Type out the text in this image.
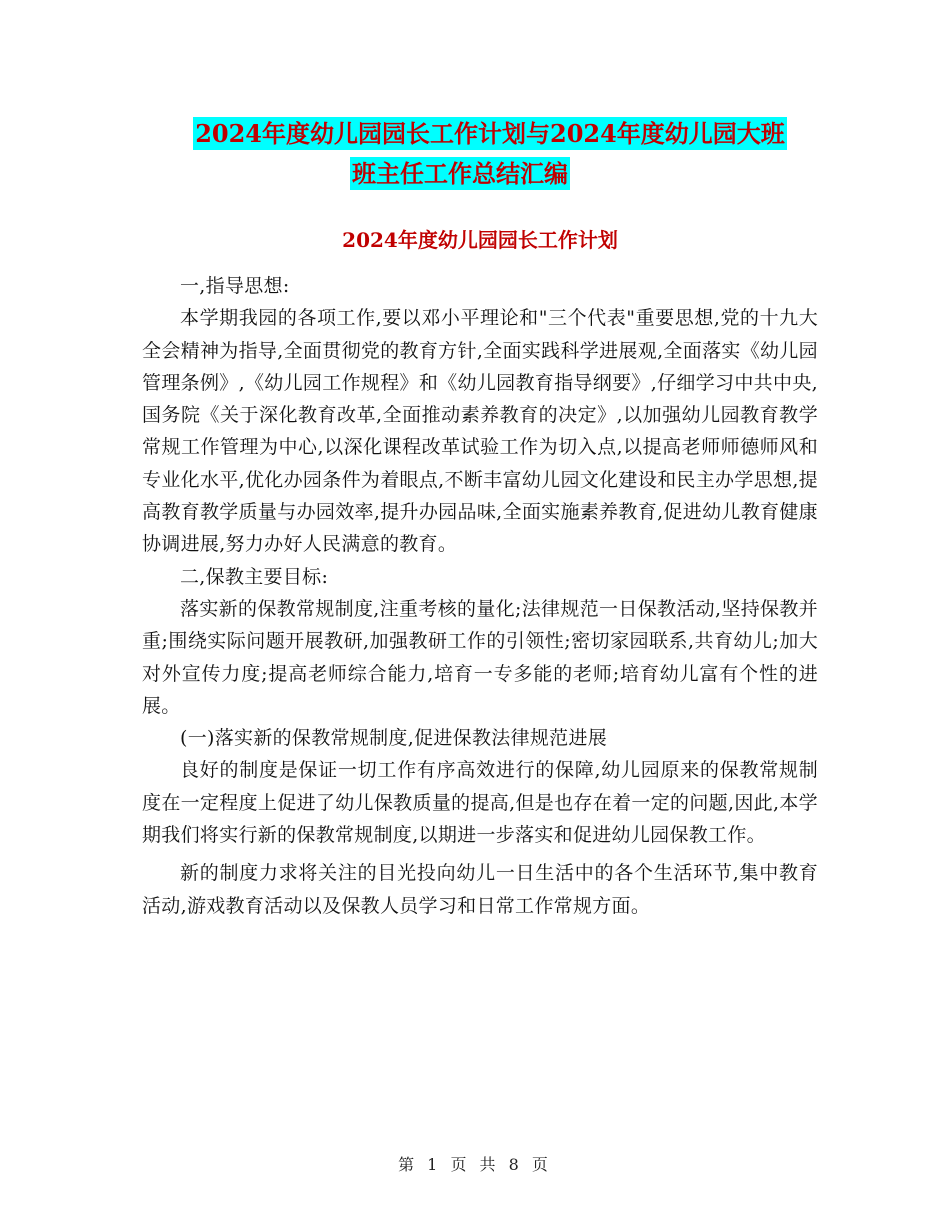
2024年度幼儿园园长工作计划与2024年度幼儿园大班
班主任工作总结汇编
2024年度幼儿园园长工作计划

一,指导思想:

本学期我园的各项工作,要以邓小平理论和"三个代表"重要思想,党的十九大全会精神为指导,全面贯彻党的教育方针,全面实践科学进展观,全面落实《幼儿园管理条例》,《幼儿园工作规程》和《幼儿园教育指导纲要》,仔细学习中共中央,国务院《关于深化教育改革,全面推动素养教育的决定》,以加强幼儿园教育教学常规工作管理为中心,以深化课程改革试验工作为切入点,以提高老师师德师风和专业化水平,优化办园条件为着眼点,不断丰富幼儿园文化建设和民主办学思想,提高教育教学质量与办园效率,提升办园品味,全面实施素养教育,促进幼儿教育健康协调进展,努力办好人民满意的教育。

二,保教主要目标:

落实新的保教常规制度,注重考核的量化;法律规范一日保教活动,坚持保教并重;围绕实际问题开展教研,加强教研工作的引领性;密切家园联系,共育幼儿;加大对外宣传力度;提高老师综合能力,培育一专多能的老师;培育幼儿富有个性的进展。

(一)落实新的保教常规制度,促进保教法律规范进展

良好的制度是保证一切工作有序高效进行的保障,幼儿园原来的保教常规制度在一定程度上促进了幼儿保教质量的提高,但是也存在着一定的问题,因此,本学期我们将实行新的保教常规制度,以期进一步落实和促进幼儿园保教工作。

新的制度力求将关注的目光投向幼儿一日生活中的各个生活环节,集中教育活动,游戏教育活动以及保教人员学习和日常工作常规方面。

第 1 页 共 8 页
